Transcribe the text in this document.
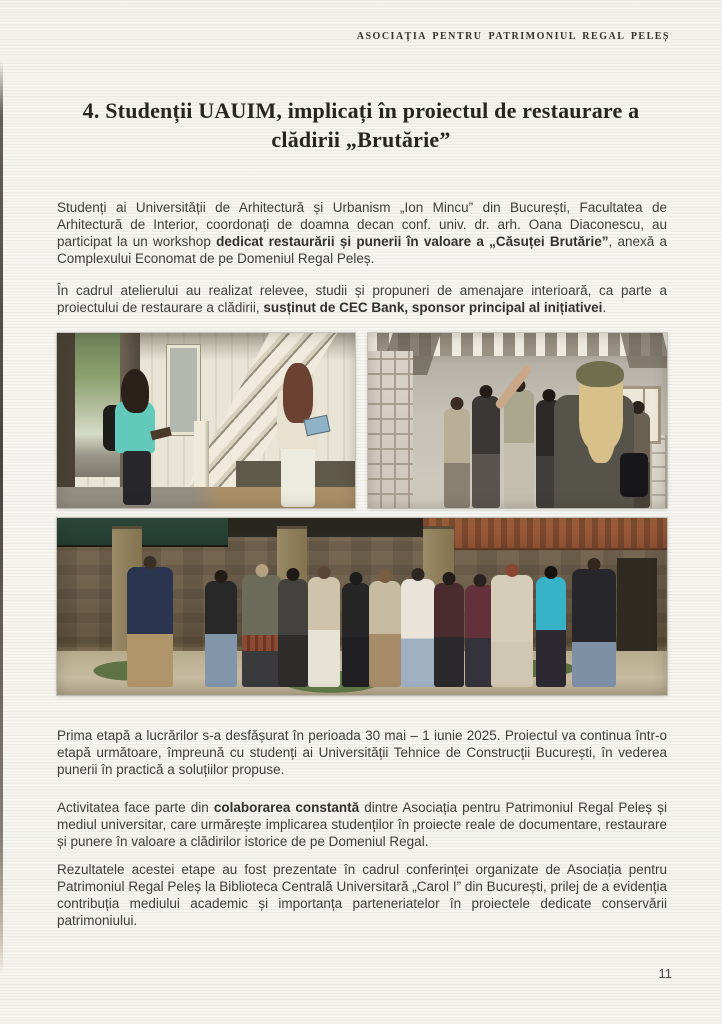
ASOCIAȚIA PENTRU PATRIMONIUL REGAL PELEȘ
4. Studenții UAUIM, implicați în proiectul de restaurare a
clădirii „Brutărie”

Studenți ai Universității de Arhitectură și Urbanism „Ion Mincu” din București, Facultatea de Arhitectură de Interior, coordonați de doamna decan conf. univ. dr. arh. Oana Diaconescu, au participat la un workshop dedicat restaurării și punerii în valoare a „Căsuței Brutărie”, anexă a Complexului Economat de pe Domeniul Regal Peleș.

În cadrul atelierului au realizat relevee, studii și propuneri de amenajare interioară, ca parte a proiectului de restaurare a clădirii, susținut de CEC Bank, sponsor principal al inițiativei.

Prima etapă a lucrărilor s-a desfășurat în perioada 30 mai – 1 iunie 2025. Proiectul va continua într-o etapă următoare, împreună cu studenți ai Universității Tehnice de Construcții București, în vederea punerii în practică a soluțiilor propuse.

Activitatea face parte din colaborarea constantă dintre Asociația pentru Patrimoniul Regal Peleș și mediul universitar, care urmărește implicarea studenților în proiecte reale de documentare, restaurare și punere în valoare a clădirilor istorice de pe Domeniul Regal.

Rezultatele acestei etape au fost prezentate în cadrul conferinței organizate de Asociația pentru Patrimoniul Regal Peleș la Biblioteca Centrală Universitară „Carol I” din București, prilej de a evidenția contribuția mediului academic și importanța parteneriatelor în proiectele dedicate conservării patrimoniului.

11
